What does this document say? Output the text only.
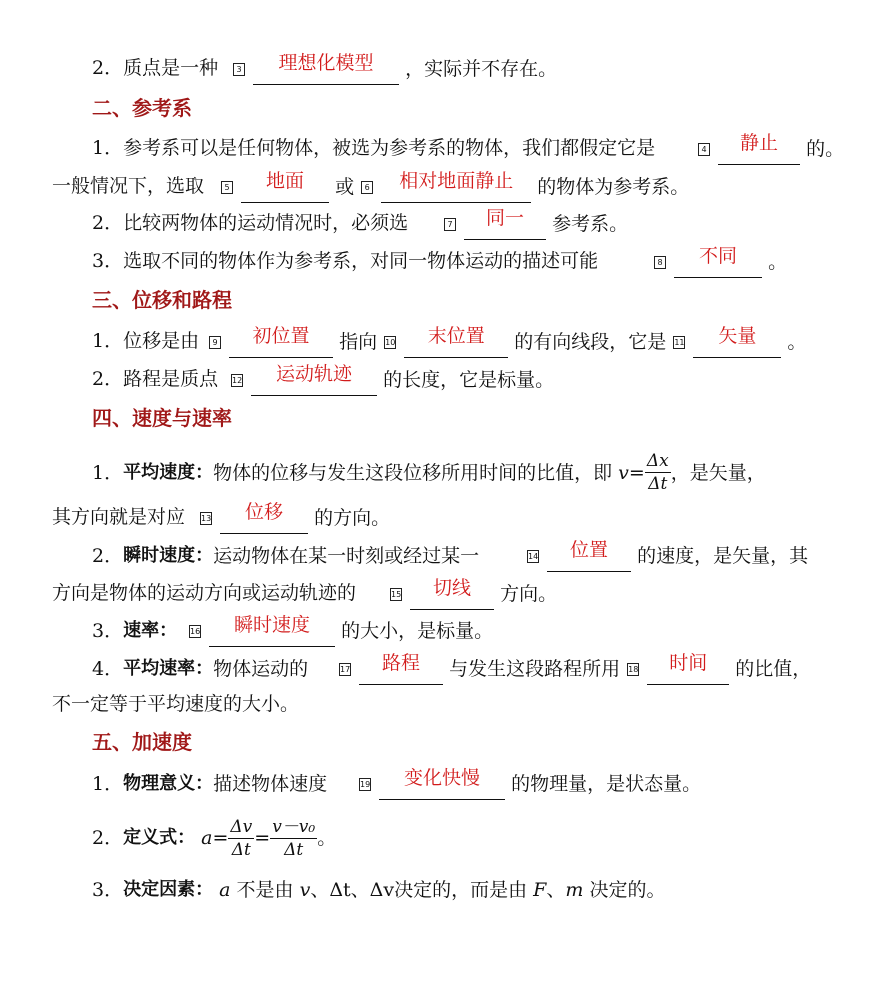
2．质点是一种	3	理想化模型	，实际并不存在。
二、参考系
1．参考系可以是任何物体，被选为参考系的物体，我们都假定它是	4	静止	的。
一般情况下，选取	5	地面	或 6	相对地面静止	的物体为参考系。
2．比较两物体的运动情况时，必须选	7	同一	参考系。
3．选取不同的物体作为参考系，对同一物体运动的描述可能	8	不同	。
三、位移和路程
1．位移是由	9	初位置	指向 10	末位置	的有向线段，它是 11	矢量	。
2．路程是质点 12	运动轨迹	的长度，它是标量。
四、速度与速率
1．平均速度：物体的位移与发生这段位移所用时间的比值，即 $v= \frac{\Delta x}{\Delta t}$ ，是矢量，
其方向就是对应 13	位移	的方向。
2．瞬时速度：运动物体在某一时刻或经过某一	14	位置	的速度，是矢量，其
方向是物体的运动方向或运动轨迹的	15	切线	方向。
3．速率： 16	瞬时速度	的大小，是标量。
4．平均速率：物体运动的	17	路程	与发生这段路程所用 18	时间	的比值，
不一定等于平均速度的大小。
五、加速度
1．物理意义：描述物体速度	19	变化快慢	的物理量，是状态量。
2．定义式： $a= \frac{\Delta v}{\Delta t} = \frac{\text{v－v₀}}{\Delta t}$ 。
3．决定因素： a 不是由 v、Δt、Δv决定的，而是由 F、m 决定的。
